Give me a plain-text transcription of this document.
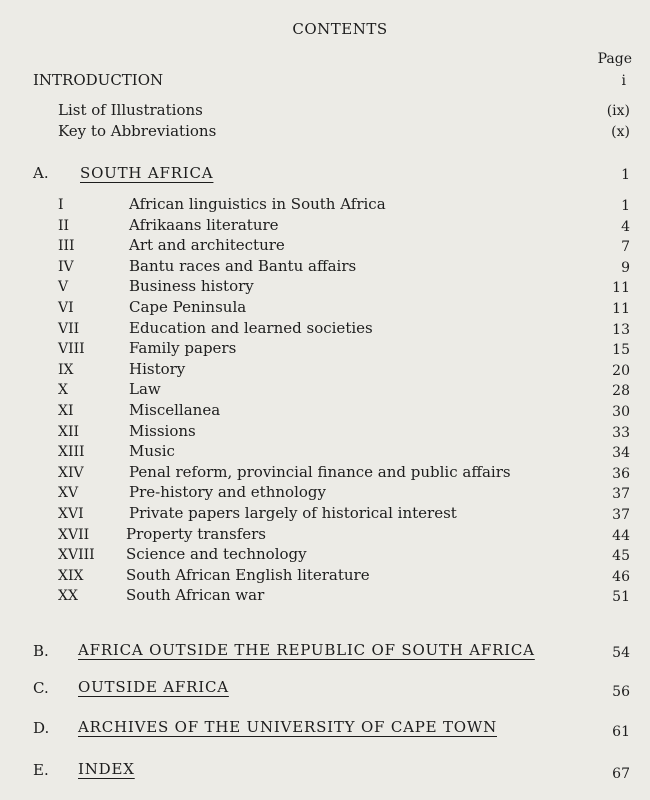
CONTENTS
Page
INTRODUCTION	i
List of Illustrations	(ix)
Key to Abbreviations	(x)
A. SOUTH AFRICA	1
I	African linguistics in South Africa	1
II	Afrikaans literature	4
III	Art and architecture	7
IV	Bantu races and Bantu affairs	9
V	Business history	11
VI	Cape Peninsula	11
VII	Education and learned societies	13
VIII	Family papers	15
IX	History	20
X	Law	28
XI	Miscellanea	30
XII	Missions	33
XIII	Music	34
XIV	Penal reform, provincial finance and public affairs	36
XV	Pre-history and ethnology	37
XVI	Private papers largely of historical interest	37
XVII Property transfers	44
XVIII Science and technology	45
XIX	South African English literature	46
XX	South African war	51
B. AFRICA OUTSIDE THE REPUBLIC OF SOUTH AFRICA	54
C. OUTSIDE AFRICA	56
D. ARCHIVES OF THE UNIVERSITY OF CAPE TOWN	61
E. INDEX	67
